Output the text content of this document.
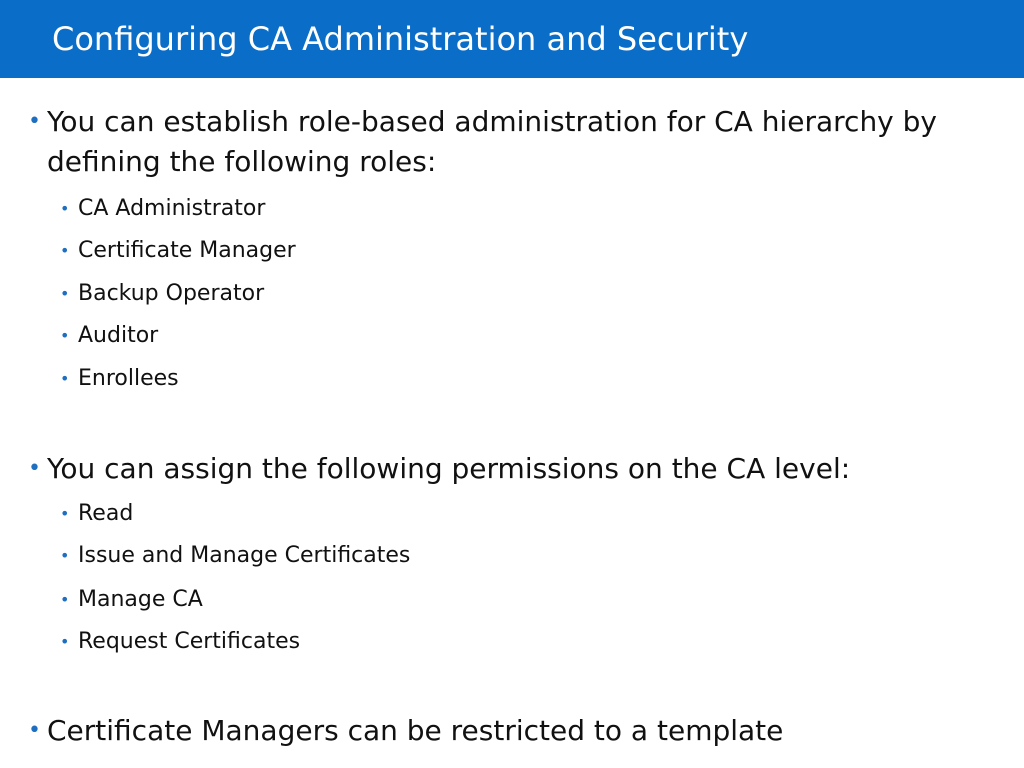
Configuring CA Administration and Security
• You can establish role-based administration for CA hierarchy by defining the following roles:
• CA Administrator
• Certificate Manager
• Backup Operator
• Auditor
• Enrollees
• You can assign the following permissions on the CA level:
• Read
• Issue and Manage Certificates
• Manage CA
• Request Certificates
• Certificate Managers can be restricted to a template
